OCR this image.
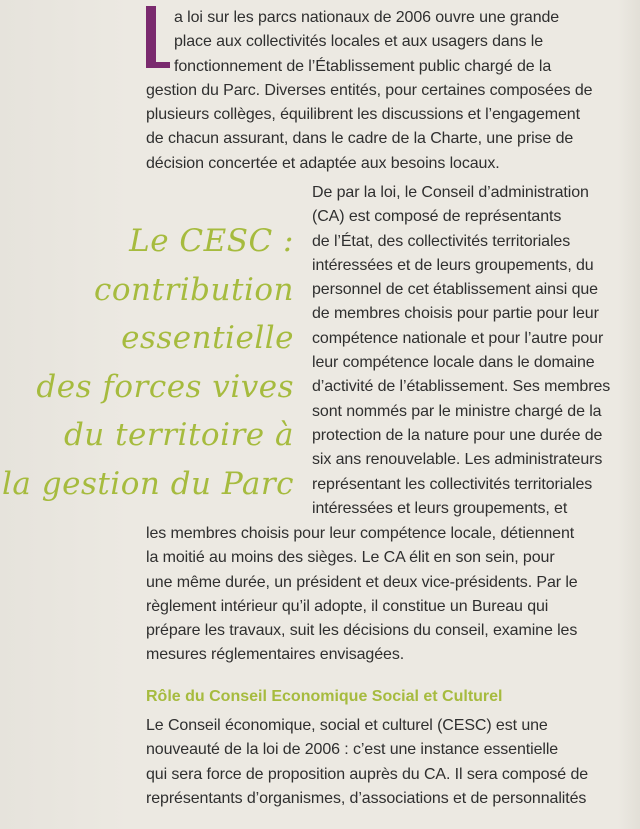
a loi sur les parcs nationaux de 2006 ouvre une grande
place aux collectivités locales et aux usagers dans le
fonctionnement de l’Établissement public chargé de la
gestion du Parc. Diverses entités, pour certaines composées de
plusieurs collèges, équilibrent les discussions et l’engagement
de chacun assurant, dans le cadre de la Charte, une prise de
décision concertée et adaptée aux besoins locaux.
Le CESC :
contribution
essentielle
des forces vives
du territoire à
la gestion du Parc
De par la loi, le Conseil d’administration
(CA) est composé de représentants
de l’État, des collectivités territoriales
intéressées et de leurs groupements, du
personnel de cet établissement ainsi que
de membres choisis pour partie pour leur
compétence nationale et pour l’autre pour
leur compétence locale dans le domaine
d’activité de l’établissement. Ses membres
sont nommés par le ministre chargé de la
protection de la nature pour une durée de
six ans renouvelable. Les administrateurs
représentant les collectivités territoriales
intéressées et leurs groupements, et
les membres choisis pour leur compétence locale, détiennent
la moitié au moins des sièges. Le CA élit en son sein, pour
une même durée, un président et deux vice-présidents. Par le
règlement intérieur qu’il adopte, il constitue un Bureau qui
prépare les travaux, suit les décisions du conseil, examine les
mesures réglementaires envisagées.
Rôle du Conseil Economique Social et Culturel
Le Conseil économique, social et culturel (CESC) est une
nouveauté de la loi de 2006 : c’est une instance essentielle
qui sera force de proposition auprès du CA. Il sera composé de
représentants d’organismes, d’associations et de personnalités
